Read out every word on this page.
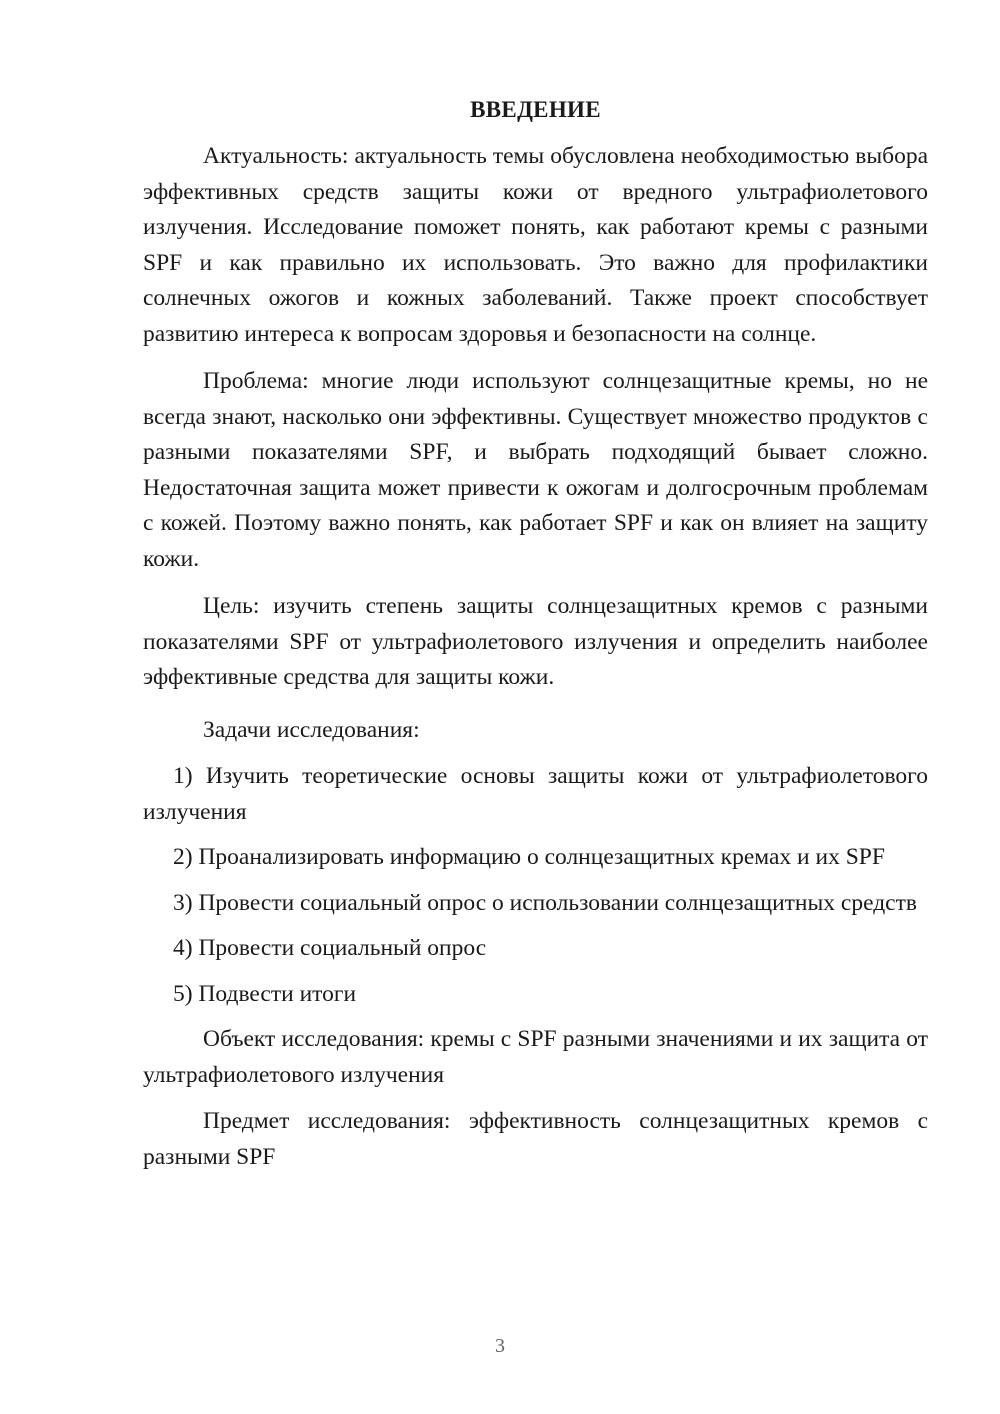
ВВЕДЕНИЕ

Актуальность: актуальность темы обусловлена необходимостью выбора эффективных средств защиты кожи от вредного ультрафиолетового излучения. Исследование поможет понять, как работают кремы с разными SPF и как правильно их использовать. Это важно для профилактики солнечных ожогов и кожных заболеваний. Также проект способствует развитию интереса к вопросам здоровья и безопасности на солнце.

Проблема: многие люди используют солнцезащитные кремы, но не всегда знают, насколько они эффективны. Существует множество продуктов с разными показателями SPF, и выбрать подходящий бывает сложно. Недостаточная защита может привести к ожогам и долгосрочным проблемам с кожей. Поэтому важно понять, как работает SPF и как он влияет на защиту кожи.

Цель: изучить степень защиты солнцезащитных кремов с разными показателями SPF от ультрафиолетового излучения и определить наиболее эффективные средства для защиты кожи.

Задачи исследования:

1) Изучить теоретические основы защиты кожи от ультрафиолетового излучения

2) Проанализировать информацию о солнцезащитных кремах и их SPF

3) Провести социальный опрос о использовании солнцезащитных средств

4) Провести социальный опрос

5) Подвести итоги

Объект исследования: кремы с SPF разными значениями и их защита от ультрафиолетового излучения

Предмет исследования: эффективность солнцезащитных кремов с разными SPF

3
